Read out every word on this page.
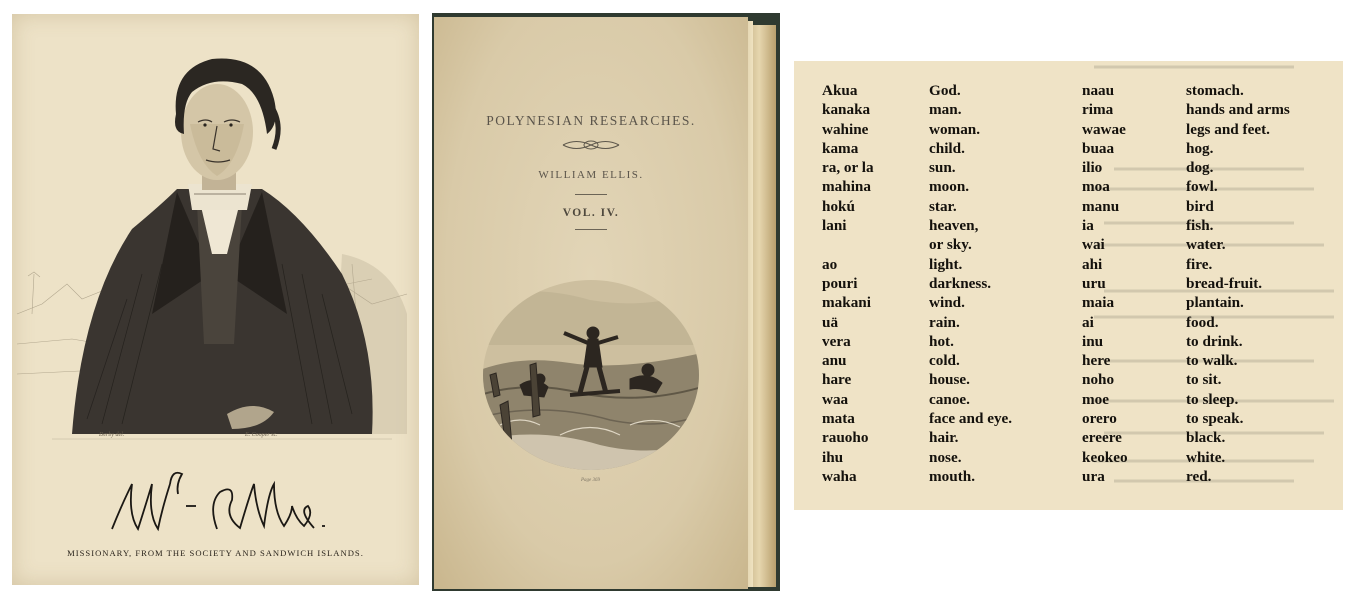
Derby del.	E. Cooper sc.
MISSIONARY, FROM THE SOCIETY AND SANDWICH ISLANDS.
POLYNESIAN RESEARCHES.
WILLIAM ELLIS.
VOL. IV.
Page 369
Akua
kanaka
wahine
kama
ra, or la
mahina
hokú
lani
ao
pouri
makani
uä
vera
anu
hare
waa
mata
rauoho
ihu
waha
God.
man.
woman.
child.
sun.
moon.
star.
heaven,
or sky.
light.
darkness.
wind.
rain.
hot.
cold.
house.
canoe.
face and eye.
hair.
nose.
mouth.
naau
rima
wawae
buaa
ilio
moa
manu
ia
wai
ahi
uru
maia
ai
inu
here
noho
moe
orero
ereere
keokeo
ura
stomach.
hands and arms
legs and feet.
hog.
dog.
fowl.
bird
fish.
water.
fire.
bread-fruit.
plantain.
food.
to drink.
to walk.
to sit.
to sleep.
to speak.
black.
white.
red.
